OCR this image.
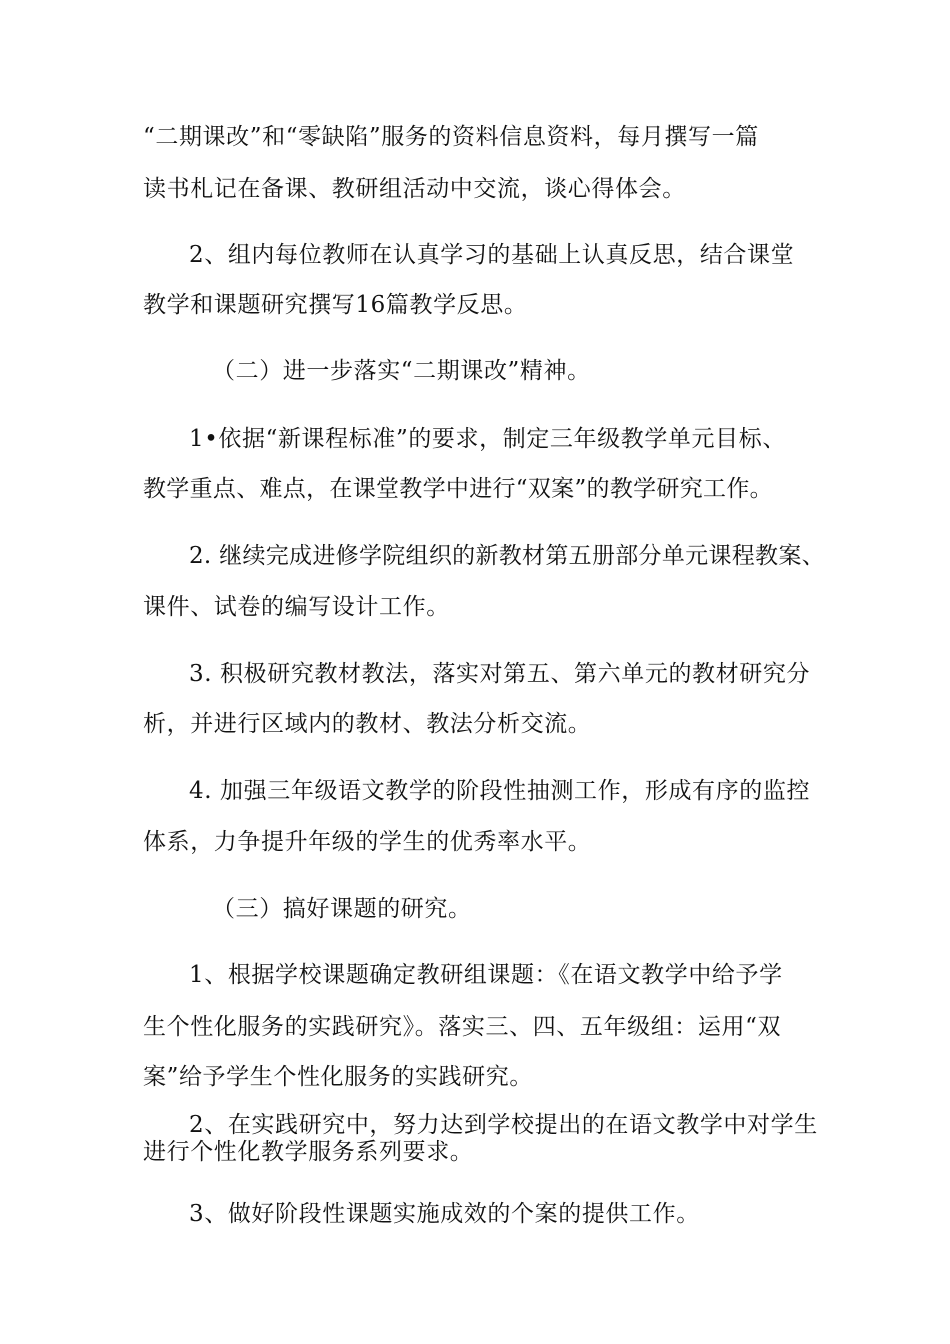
“二期课改”和“零缺陷”服务的资料信息资料，每月撰写一篇
读书札记在备课、教研组活动中交流，谈心得体会。
2、组内每位教师在认真学习的基础上认真反思，结合课堂
教学和课题研究撰写16篇教学反思。
（二）进一步落实“二期课改”精神。
1•依据“新课程标准”的要求，制定三年级教学单元目标、
教学重点、难点，在课堂教学中进行“双案”的教学研究工作。
2. 继续完成进修学院组织的新教材第五册部分单元课程教案、
课件、试卷的编写设计工作。
3. 积极研究教材教法，落实对第五、第六单元的教材研究分
析，并进行区域内的教材、教法分析交流。
4. 加强三年级语文教学的阶段性抽测工作，形成有序的监控
体系，力争提升年级的学生的优秀率水平。
（三）搞好课题的研究。
1、根据学校课题确定教研组课题：《在语文教学中给予学
生个性化服务的实践研究》。落实三、四、五年级组：运用“双
案”给予学生个性化服务的实践研究。
2、在实践研究中，努力达到学校提出的在语文教学中对学生
进行个性化教学服务系列要求。
3、做好阶段性课题实施成效的个案的提供工作。
